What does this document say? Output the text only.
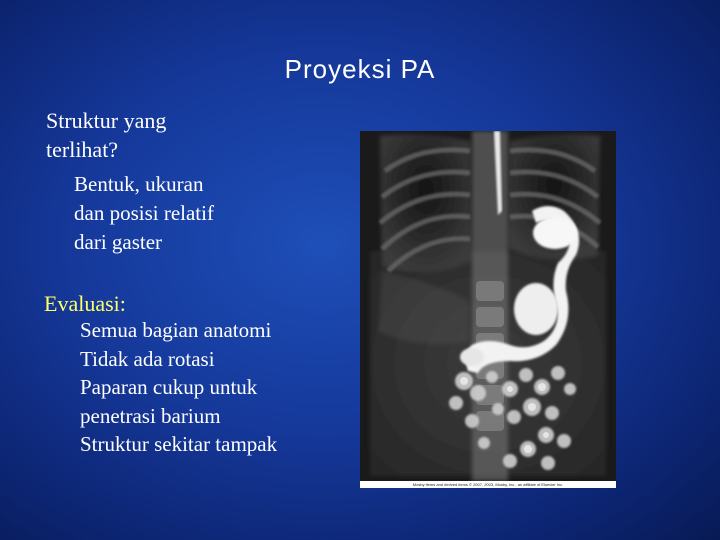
Proyeksi PA
Struktur yang
terlihat?
Bentuk, ukuran
dan posisi relatif
dari gaster
Evaluasi:
Semua bagian anatomi
Tidak ada rotasi
Paparan cukup untuk
penetrasi barium
Struktur sekitar tampak
Mosby items and derived items © 2007, 2003, Mosby, Inc., an affiliate of Elsevier Inc.
